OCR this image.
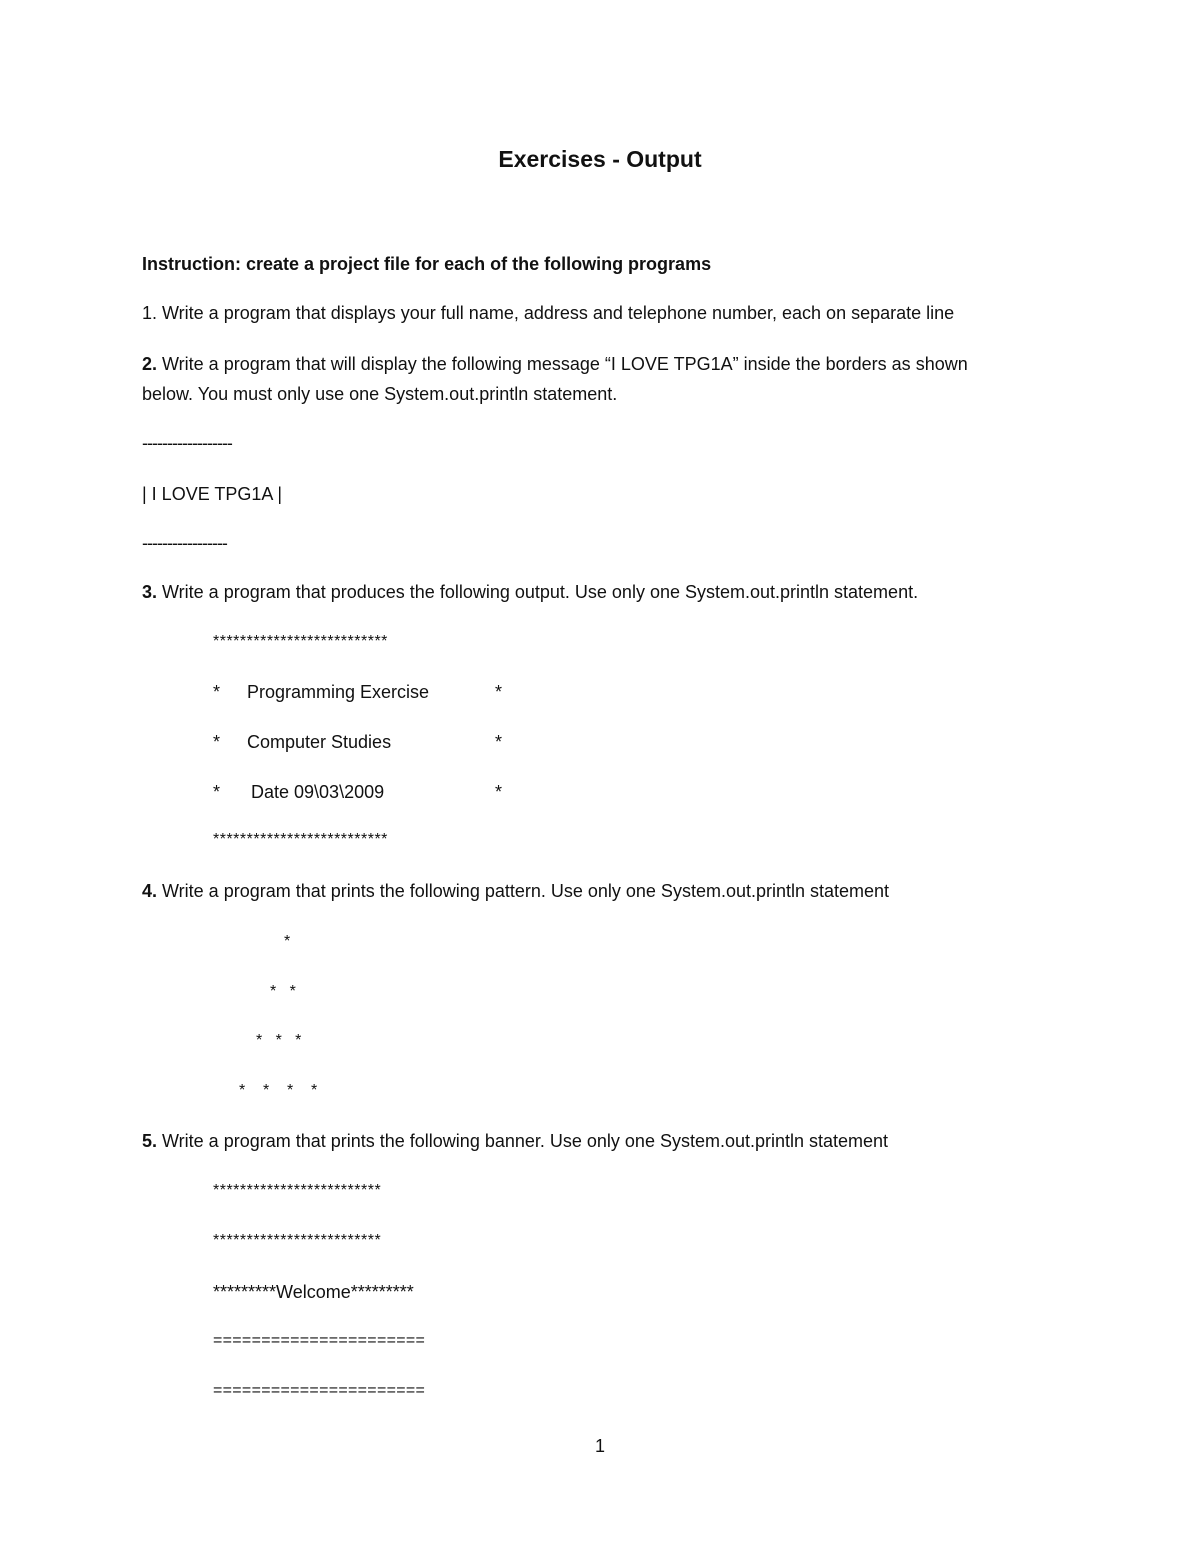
Exercises - Output

Instruction: create a project file for each of the following programs

1. Write a program that displays your full name, address and telephone number, each on separate line

2. Write a program that will display the following message “I LOVE TPG1A” inside the borders as shown

below. You must only use one System.out.println statement.

------------------

| I LOVE TPG1A |

-----------------

3. Write a program that produces the following output. Use only one System.out.println statement.

**************************

*

Programming Exercise

	*

*

Computer Studies

	*

*

Date 09\03\2009

	*

**************************

4. Write a program that prints the following pattern. Use only one System.out.println statement

*
*   *
*   *   *
*    *    *    *

5. Write a program that prints the following banner. Use only one System.out.println statement

*************************
*************************
*********Welcome*********
======================
======================
1
